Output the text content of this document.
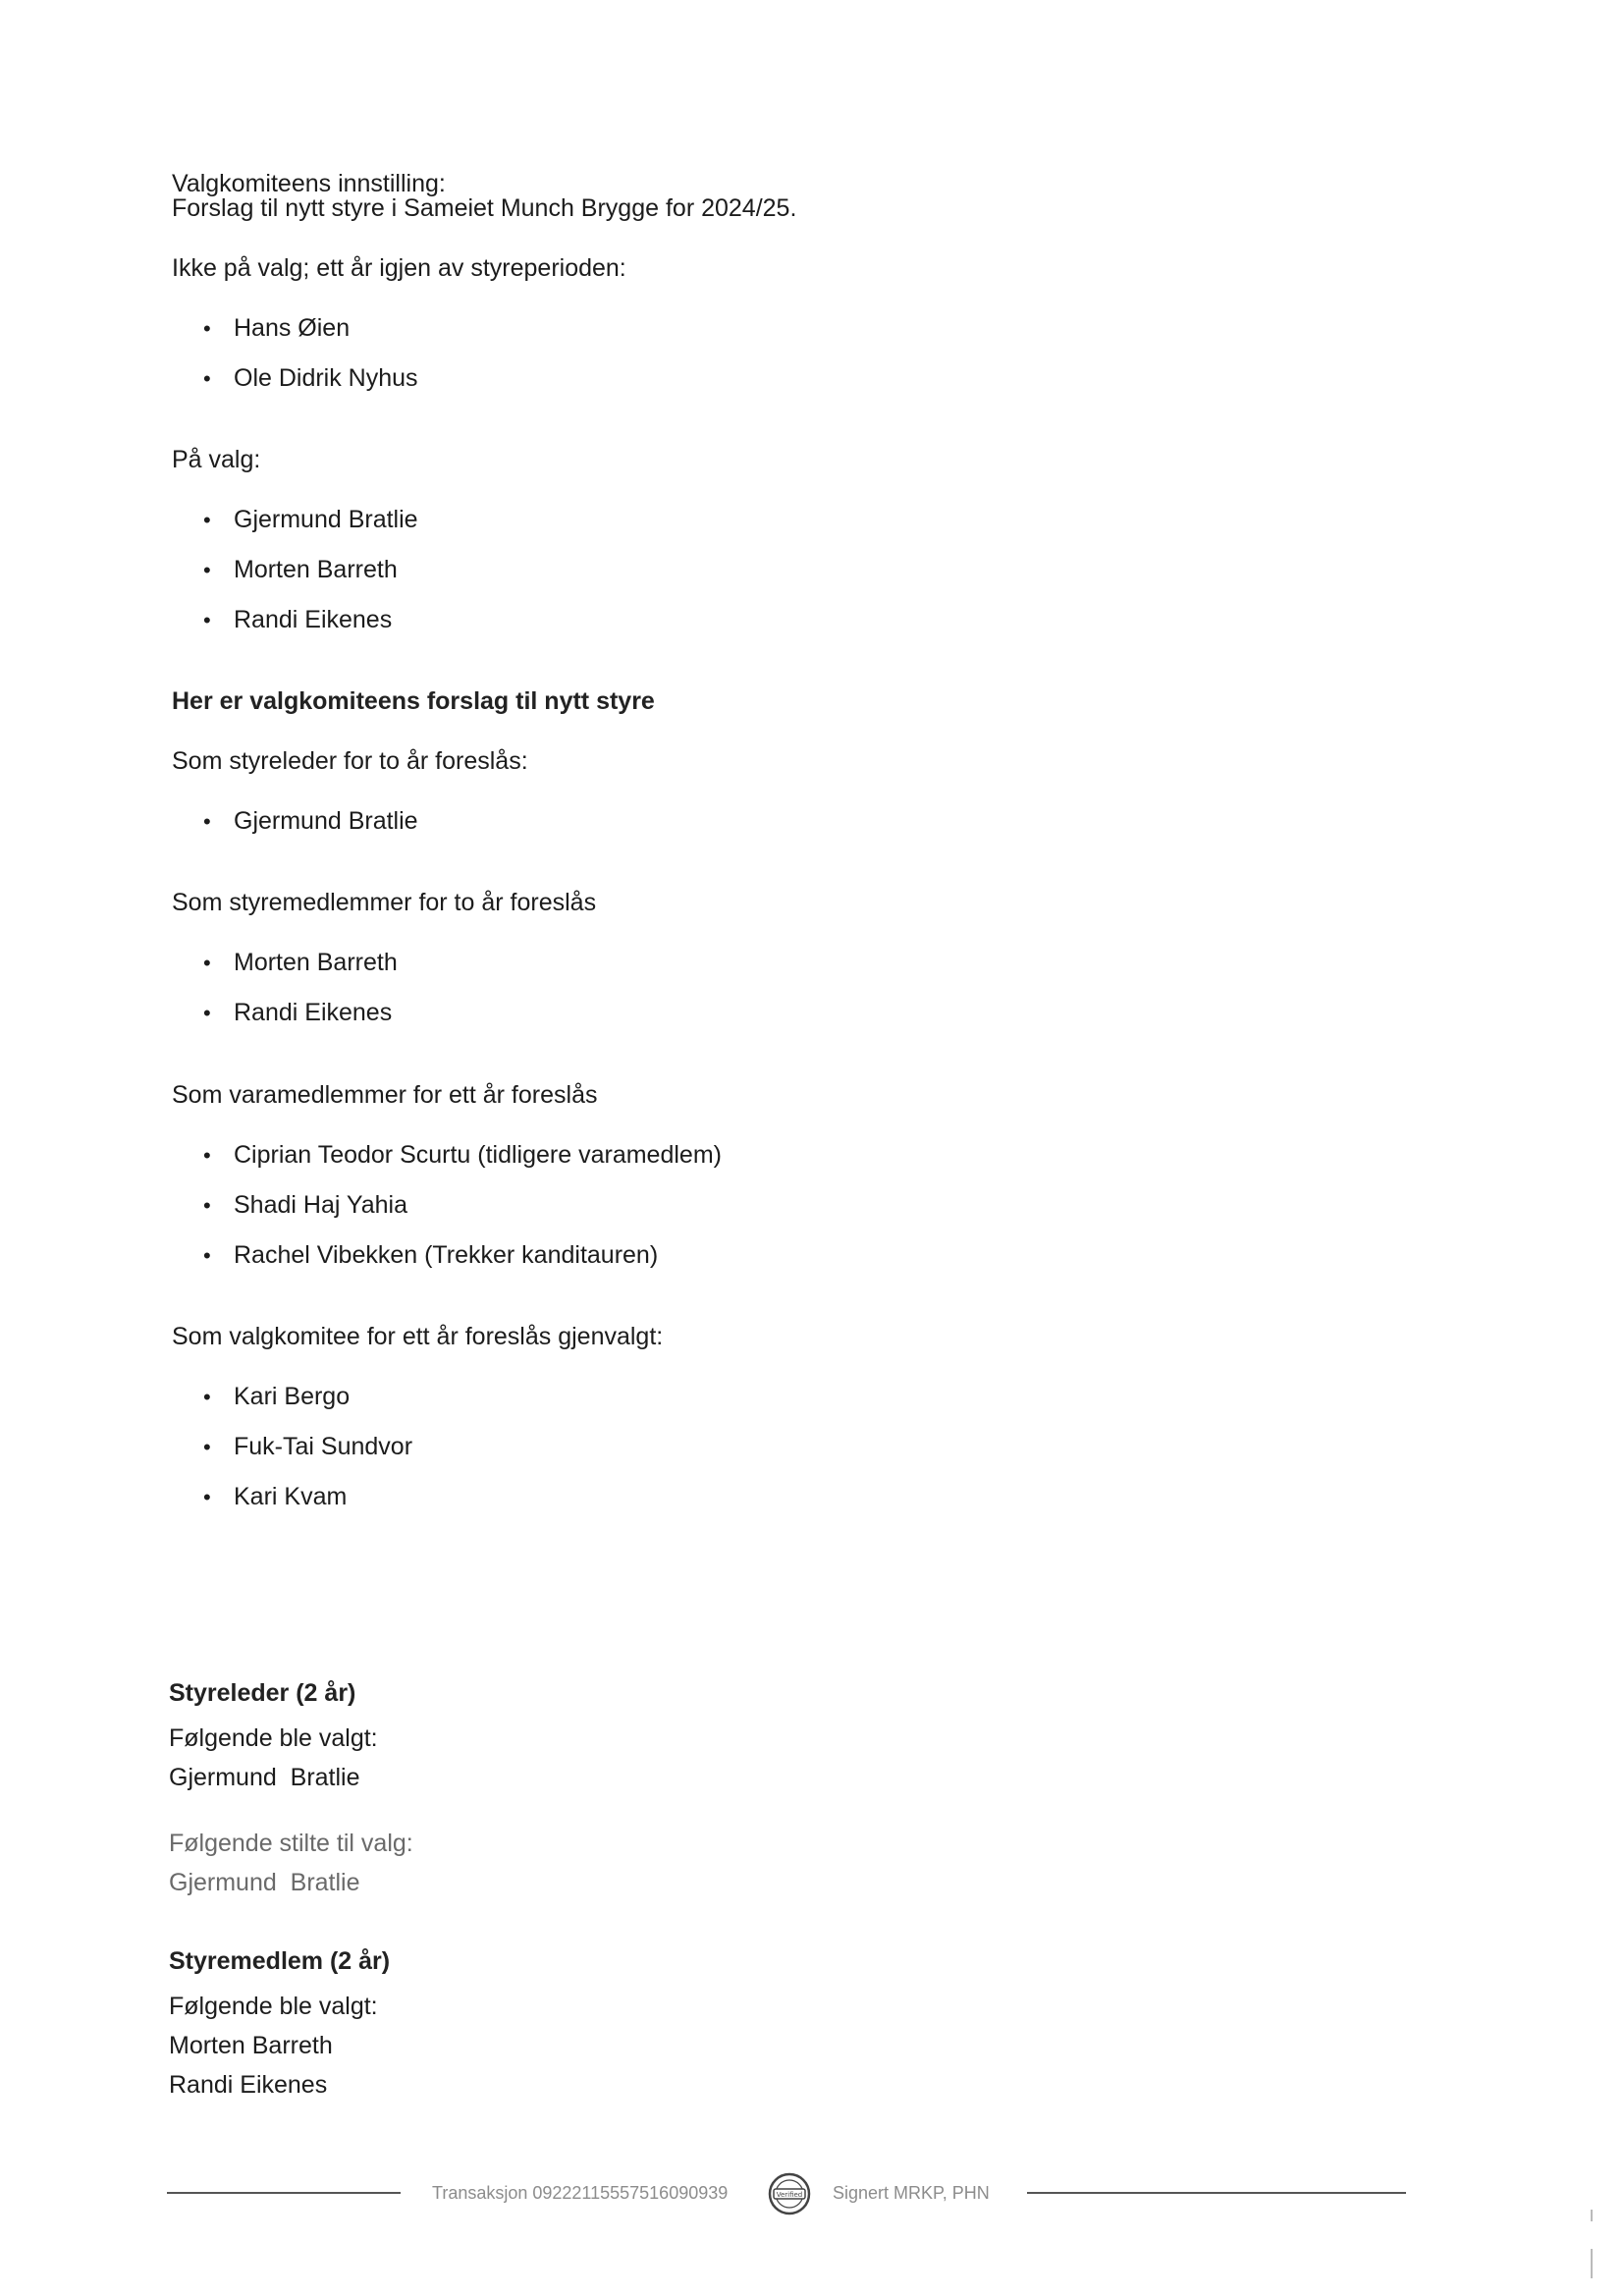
Valgkomiteens innstilling:
Forslag til nytt styre i Sameiet Munch Brygge for 2024/25.
Ikke på valg; ett år igjen av styreperioden:
• Hans Øien
• Ole Didrik Nyhus
På valg:
• Gjermund Bratlie
• Morten Barreth
• Randi Eikenes
Her er valgkomiteens forslag til nytt styre
Som styreleder for to år foreslås:
• Gjermund Bratlie
Som styremedlemmer for to år foreslås
• Morten Barreth
• Randi Eikenes
Som varamedlemmer for ett år foreslås
• Ciprian Teodor Scurtu (tidligere varamedlem)
• Shadi Haj Yahia
• Rachel Vibekken (Trekker kanditauren)
Som valgkomitee for ett år foreslås gjenvalgt:
• Kari Bergo
• Fuk-Tai Sundvor
• Kari Kvam
Styreleder (2 år)
Følgende ble valgt:
Gjermund  Bratlie
Følgende stilte til valg:
Gjermund  Bratlie
Styremedlem (2 år)
Følgende ble valgt:
Morten Barreth
Randi Eikenes
Transaksjon 09222115557516090939	Verified Signert MRKP, PHN
